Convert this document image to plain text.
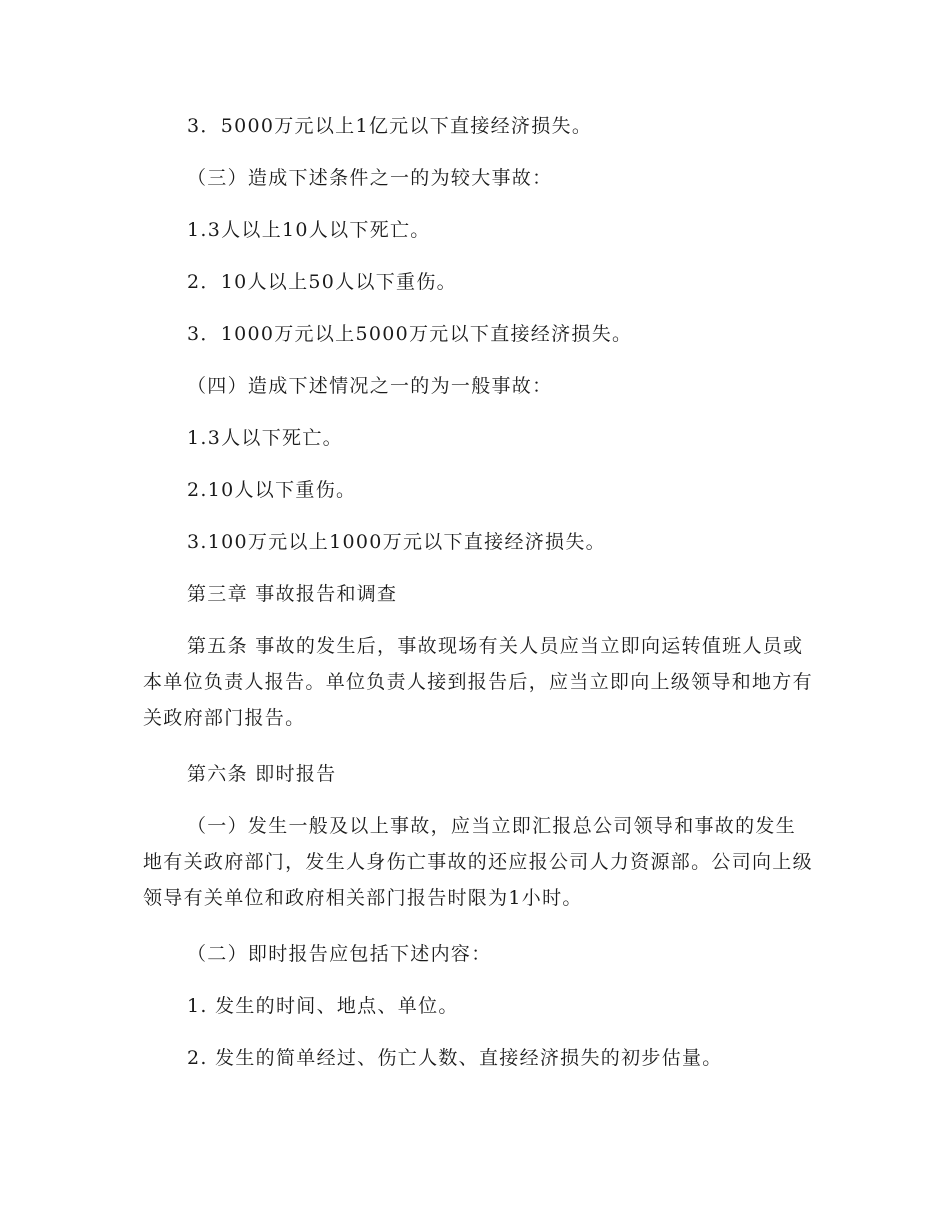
3．5000万元以上1亿元以下直接经济损失。

（三）造成下述条件之一的为较大事故：

1.3人以上10人以下死亡。

2．10人以上50人以下重伤。

3．1000万元以上5000万元以下直接经济损失。

（四）造成下述情况之一的为一般事故：

1.3人以下死亡。

2.10人以下重伤。

3.100万元以上1000万元以下直接经济损失。

第三章 事故报告和调查

第五条 事故的发生后，事故现场有关人员应当立即向运转值班人员或本单位负责人报告。单位负责人接到报告后，应当立即向上级领导和地方有关政府部门报告。

第六条 即时报告

（一）发生一般及以上事故，应当立即汇报总公司领导和事故的发生地有关政府部门，发生人身伤亡事故的还应报公司人力资源部。公司向上级领导有关单位和政府相关部门报告时限为1小时。

（二）即时报告应包括下述内容：

1. 发生的时间、地点、单位。

2. 发生的简单经过、伤亡人数、直接经济损失的初步估量。
